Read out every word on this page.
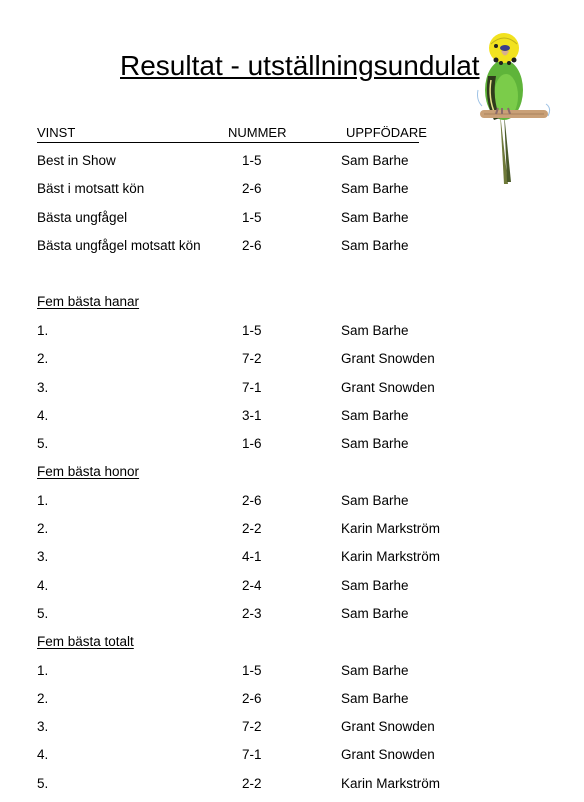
Resultat - utställningsundulat
VINST	NUMMER	UPPFÖDARE
Best in Show	1-5	Sam Barhe
Bäst i motsatt kön	2-6	Sam Barhe
Bästa ungfågel	1-5	Sam Barhe
Bästa ungfågel motsatt kön	2-6	Sam Barhe
Fem bästa hanar
1.	1-5	Sam Barhe
2.	7-2	Grant Snowden
3.	7-1	Grant Snowden
4.	3-1	Sam Barhe
5.	1-6	Sam Barhe
Fem bästa honor
1.	2-6	Sam Barhe
2.	2-2	Karin Markström
3.	4-1	Karin Markström
4.	2-4	Sam Barhe
5.	2-3	Sam Barhe
Fem bästa totalt
1.	1-5	Sam Barhe
2.	2-6	Sam Barhe
3.	7-2	Grant Snowden
4.	7-1	Grant Snowden
5.	2-2	Karin Markström
